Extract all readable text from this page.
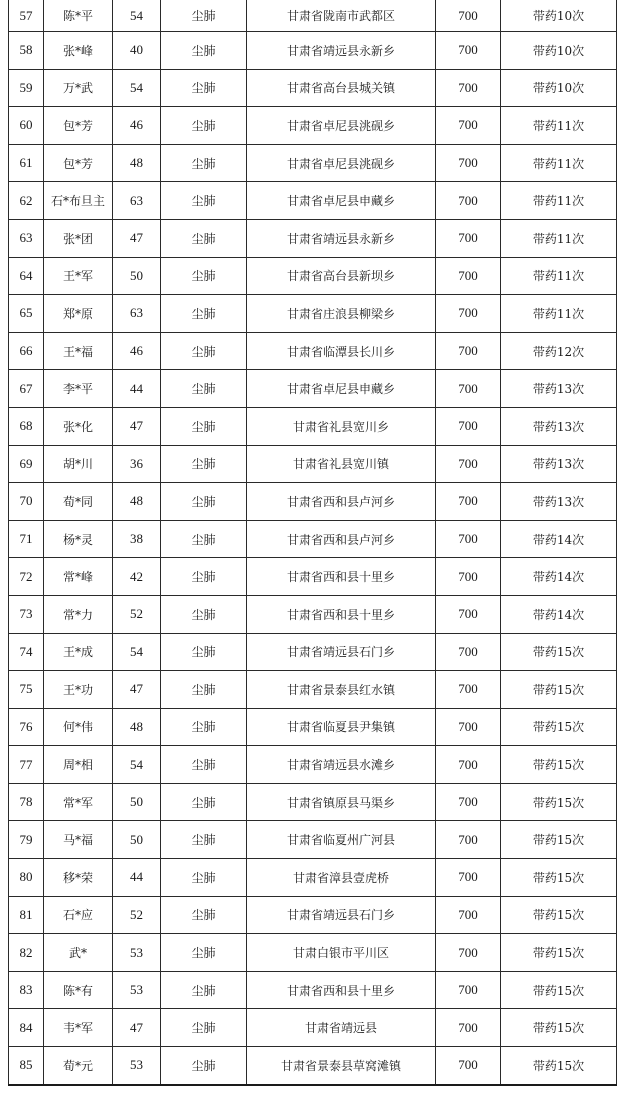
57	陈*平	54	尘肺	甘肃省陇南市武都区	700	带药10次
58	张*峰	40	尘肺	甘肃省靖远县永新乡	700	带药10次
59	万*武	54	尘肺	甘肃省高台县城关镇	700	带药10次
60	包*芳	46	尘肺	甘肃省卓尼县洮砚乡	700	带药11次
61	包*芳	48	尘肺	甘肃省卓尼县洮砚乡	700	带药11次
62	石*布旦主	63	尘肺	甘肃省卓尼县申藏乡	700	带药11次
63	张*团	47	尘肺	甘肃省靖远县永新乡	700	带药11次
64	王*军	50	尘肺	甘肃省高台县新坝乡	700	带药11次
65	郑*原	63	尘肺	甘肃省庄浪县柳梁乡	700	带药11次
66	王*福	46	尘肺	甘肃省临潭县长川乡	700	带药12次
67	李*平	44	尘肺	甘肃省卓尼县申藏乡	700	带药13次
68	张*化	47	尘肺	甘肃省礼县宽川乡	700	带药13次
69	胡*川	36	尘肺	甘肃省礼县宽川镇	700	带药13次
70	荀*同	48	尘肺	甘肃省西和县卢河乡	700	带药13次
71	杨*灵	38	尘肺	甘肃省西和县卢河乡	700	带药14次
72	常*峰	42	尘肺	甘肃省西和县十里乡	700	带药14次
73	常*力	52	尘肺	甘肃省西和县十里乡	700	带药14次
74	王*成	54	尘肺	甘肃省靖远县石门乡	700	带药15次
75	王*功	47	尘肺	甘肃省景泰县红水镇	700	带药15次
76	何*伟	48	尘肺	甘肃省临夏县尹集镇	700	带药15次
77	周*相	54	尘肺	甘肃省靖远县水滩乡	700	带药15次
78	常*军	50	尘肺	甘肃省镇原县马渠乡	700	带药15次
79	马*福	50	尘肺	甘肃省临夏州广河县	700	带药15次
80	移*荣	44	尘肺	甘肃省漳县壹虎桥	700	带药15次
81	石*应	52	尘肺	甘肃省靖远县石门乡	700	带药15次
82	武*	53	尘肺	甘肃白银市平川区	700	带药15次
83	陈*有	53	尘肺	甘肃省西和县十里乡	700	带药15次
84	韦*军	47	尘肺	甘肃省靖远县	700	带药15次
85	荀*元	53	尘肺	甘肃省景泰县草窝滩镇	700	带药15次
